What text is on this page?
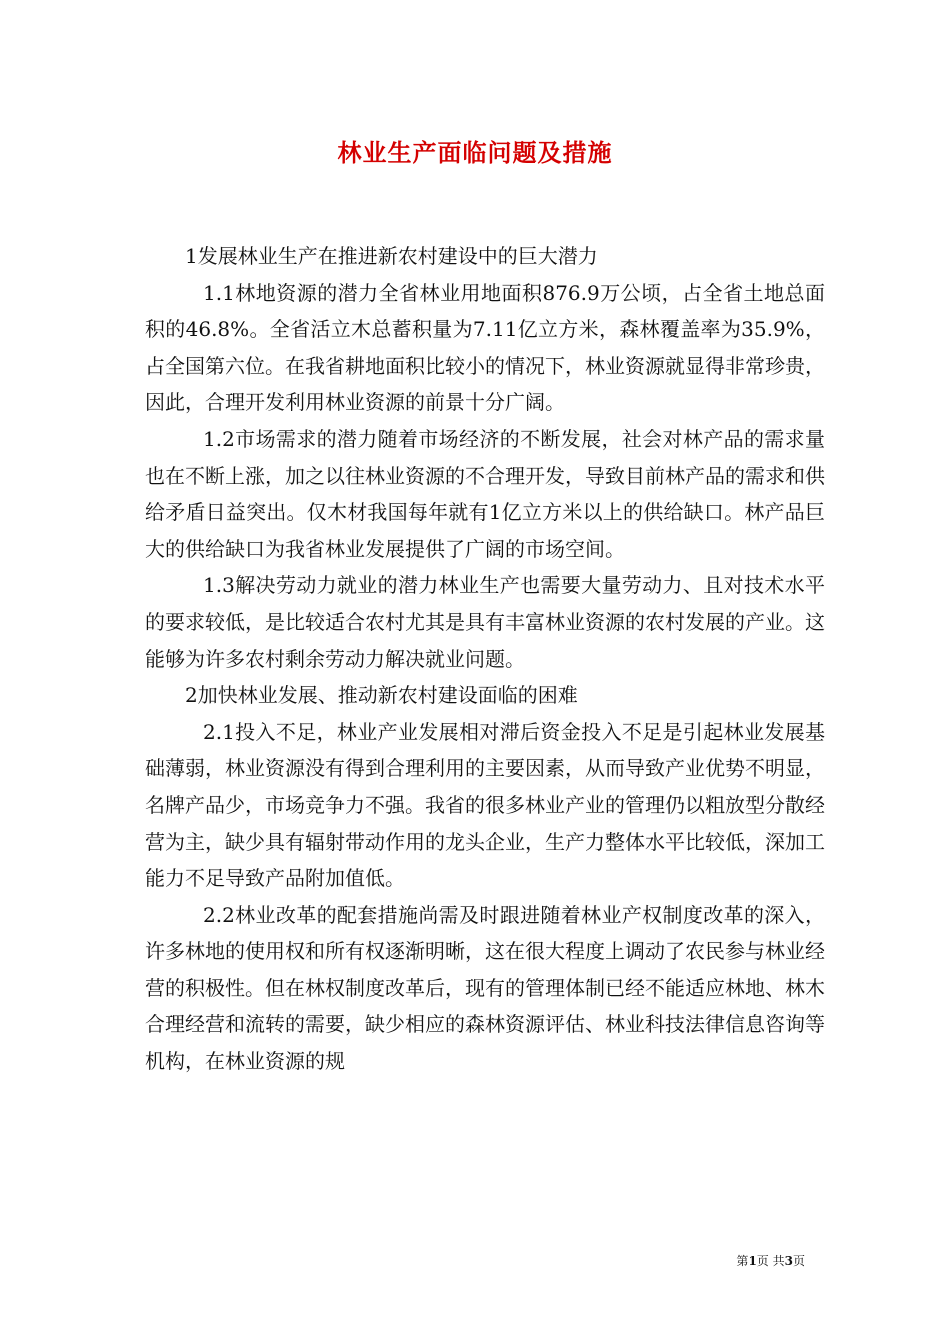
林业生产面临问题及措施

1发展林业生产在推进新农村建设中的巨大潜力

1.1林地资源的潜力全省林业用地面积876.9万公顷，占全省土地总面积的46.8%。全省活立木总蓄积量为7.11亿立方米，森林覆盖率为35.9%，占全国第六位。在我省耕地面积比较小的情况下，林业资源就显得非常珍贵，因此，合理开发利用林业资源的前景十分广阔。

1.2市场需求的潜力随着市场经济的不断发展，社会对林产品的需求量也在不断上涨，加之以往林业资源的不合理开发，导致目前林产品的需求和供给矛盾日益突出。仅木材我国每年就有1亿立方米以上的供给缺口。林产品巨大的供给缺口为我省林业发展提供了广阔的市场空间。

1.3解决劳动力就业的潜力林业生产也需要大量劳动力、且对技术水平的要求较低，是比较适合农村尤其是具有丰富林业资源的农村发展的产业。这能够为许多农村剩余劳动力解决就业问题。

2加快林业发展、推动新农村建设面临的困难

2.1投入不足，林业产业发展相对滞后资金投入不足是引起林业发展基础薄弱，林业资源没有得到合理利用的主要因素，从而导致产业优势不明显，名牌产品少，市场竞争力不强。我省的很多林业产业的管理仍以粗放型分散经营为主，缺少具有辐射带动作用的龙头企业，生产力整体水平比较低，深加工能力不足导致产品附加值低。

2.2林业改革的配套措施尚需及时跟进随着林业产权制度改革的深入，许多林地的使用权和所有权逐渐明晰，这在很大程度上调动了农民参与林业经营的积极性。但在林权制度改革后，现有的管理体制已经不能适应林地、林木合理经营和流转的需要，缺少相应的森林资源评估、林业科技法律信息咨询等机构，在林业资源的规

第1页 共3页
